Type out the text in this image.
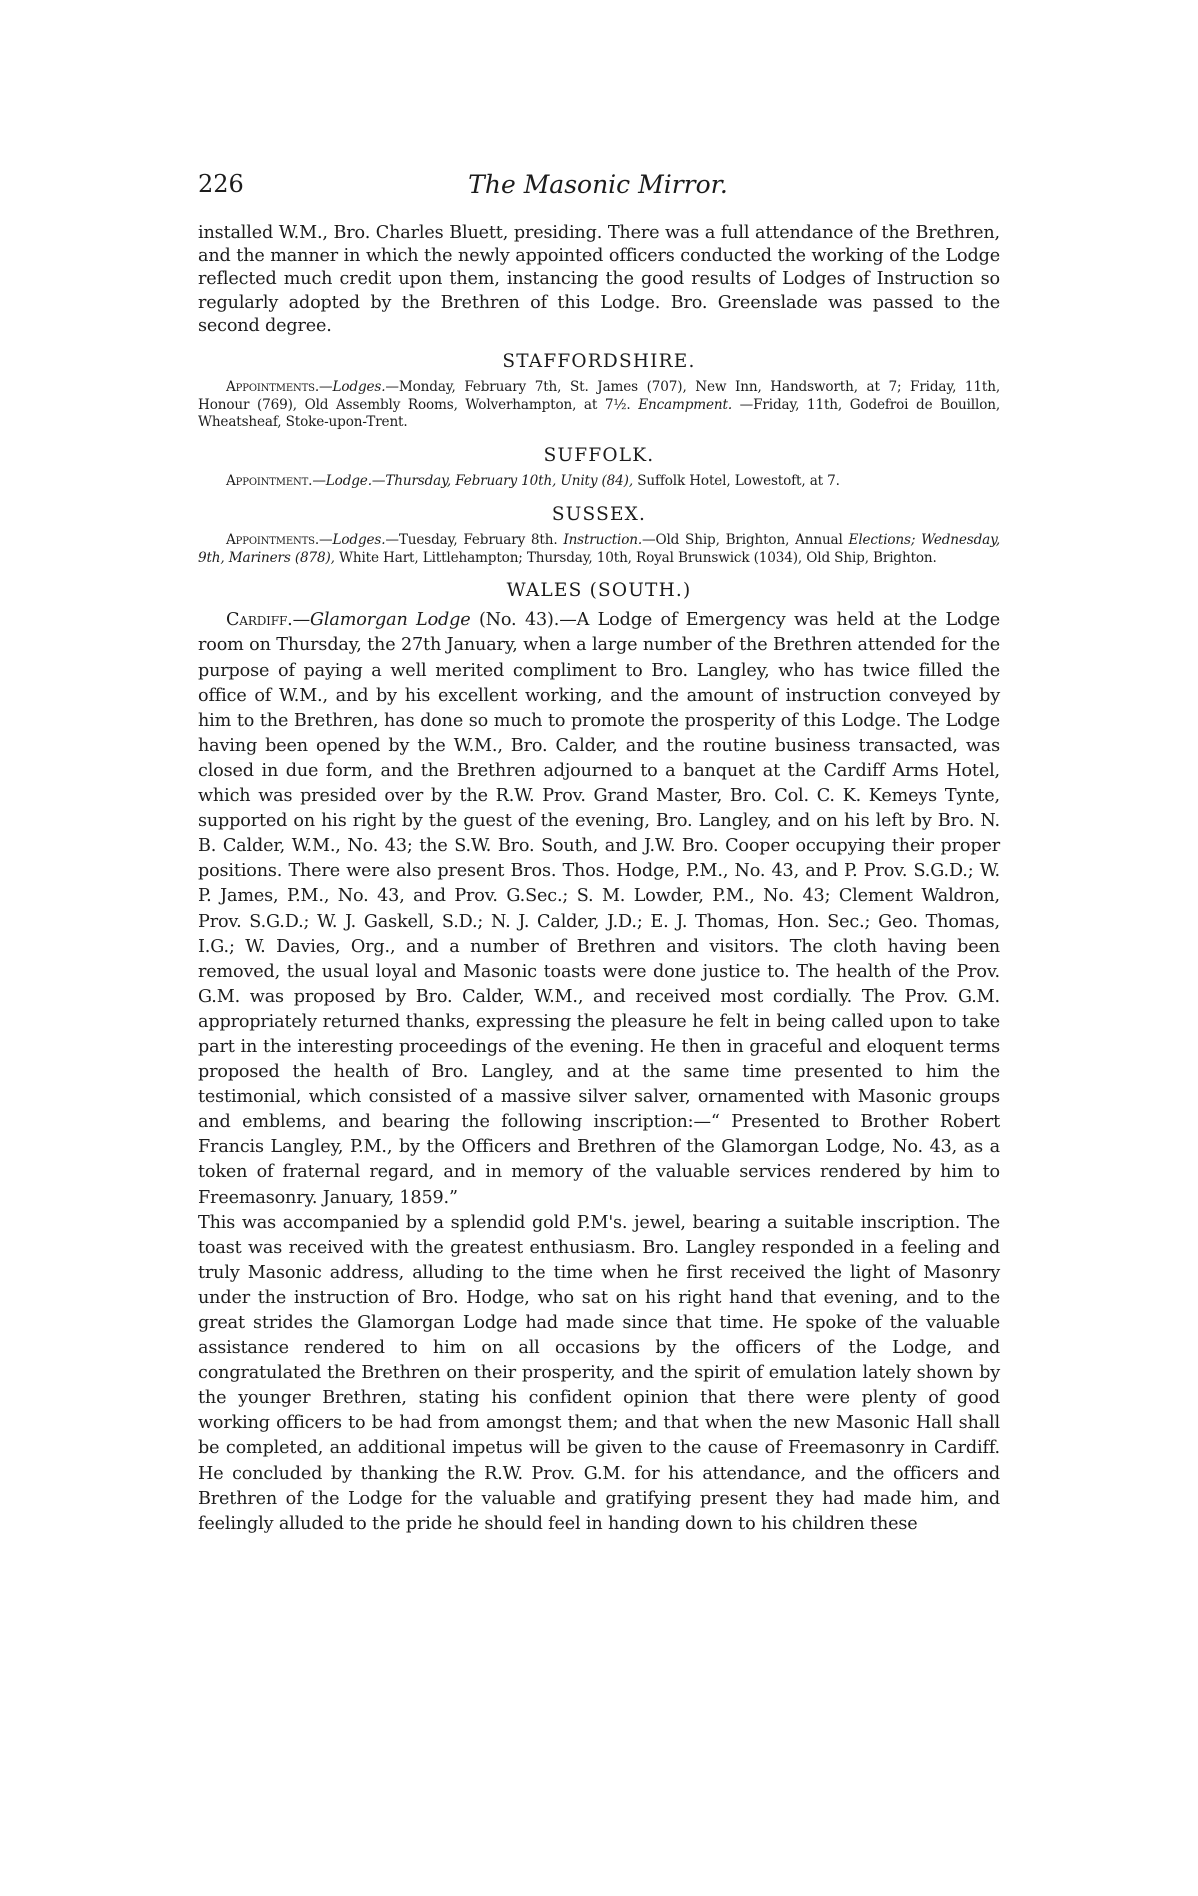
226	The Masonic Mirror.

installed W.M., Bro. Charles Bluett, presiding. There was a full attendance of the Brethren, and the manner in which the newly appointed officers conducted the working of the Lodge reflected much credit upon them, instancing the good results of Lodges of Instruction so regularly adopted by the Brethren of this Lodge. Bro. Greenslade was passed to the second degree.

STAFFORDSHIRE.

Appointments.—Lodges.—Monday, February 7th, St. James (707), New Inn, Handsworth, at 7; Friday, 11th, Honour (769), Old Assembly Rooms, Wolverhampton, at 7½. Encampment. —Friday, 11th, Godefroi de Bouillon, Wheatsheaf, Stoke-upon-Trent.

SUFFOLK.

Appointment.—Lodge.—Thursday, February 10th, Unity (84), Suffolk Hotel, Lowestoft, at 7.

SUSSEX.

Appointments.—Lodges.—Tuesday, February 8th. Instruction.—Old Ship, Brighton, Annual Elections; Wednesday, 9th, Mariners (878), White Hart, Littlehampton; Thursday, 10th, Royal Brunswick (1034), Old Ship, Brighton.

WALES (SOUTH.)

Cardiff.—Glamorgan Lodge (No. 43).—A Lodge of Emergency was held at the Lodge room on Thursday, the 27th January, when a large number of the Brethren attended for the purpose of paying a well merited compliment to Bro. Langley, who has twice filled the office of W.M., and by his excellent working, and the amount of instruction conveyed by him to the Brethren, has done so much to promote the prosperity of this Lodge. The Lodge having been opened by the W.M., Bro. Calder, and the routine business transacted, was closed in due form, and the Brethren adjourned to a banquet at the Cardiff Arms Hotel, which was presided over by the R.W. Prov. Grand Master, Bro. Col. C. K. Kemeys Tynte, supported on his right by the guest of the evening, Bro. Langley, and on his left by Bro. N. B. Calder, W.M., No. 43; the S.W. Bro. South, and J.W. Bro. Cooper occupying their proper positions. There were also present Bros. Thos. Hodge, P.M., No. 43, and P. Prov. S.G.D.; W. P. James, P.M., No. 43, and Prov. G.Sec.; S. M. Lowder, P.M., No. 43; Clement Waldron, Prov. S.G.D.; W. J. Gaskell, S.D.; N. J. Calder, J.D.; E. J. Thomas, Hon. Sec.; Geo. Thomas, I.G.; W. Davies, Org., and a number of Brethren and visitors. The cloth having been removed, the usual loyal and Masonic toasts were done justice to. The health of the Prov. G.M. was proposed by Bro. Calder, W.M., and received most cordially. The Prov. G.M. appropriately returned thanks, expressing the pleasure he felt in being called upon to take part in the interesting proceedings of the evening. He then in graceful and eloquent terms proposed the health of Bro. Langley, and at the same time presented to him the testimonial, which consisted of a massive silver salver, ornamented with Masonic groups and emblems, and bearing the following inscription:—“ Presented to Brother Robert Francis Langley, P.M., by the Officers and Brethren of the Glamorgan Lodge, No. 43, as a token of fraternal regard, and in memory of the valuable services rendered by him to Freemasonry. January, 1859.”

This was accompanied by a splendid gold P.M's. jewel, bearing a suitable inscription. The toast was received with the greatest enthusiasm. Bro. Langley responded in a feeling and truly Masonic address, alluding to the time when he first received the light of Masonry under the instruction of Bro. Hodge, who sat on his right hand that evening, and to the great strides the Glamorgan Lodge had made since that time. He spoke of the valuable assistance rendered to him on all occasions by the officers of the Lodge, and congratulated the Brethren on their prosperity, and the spirit of emulation lately shown by the younger Brethren, stating his confident opinion that there were plenty of good working officers to be had from amongst them; and that when the new Masonic Hall shall be completed, an additional impetus will be given to the cause of Freemasonry in Cardiff. He concluded by thanking the R.W. Prov. G.M. for his attendance, and the officers and Brethren of the Lodge for the valuable and gratifying present they had made him, and feelingly alluded to the pride he should feel in handing down to his children these
